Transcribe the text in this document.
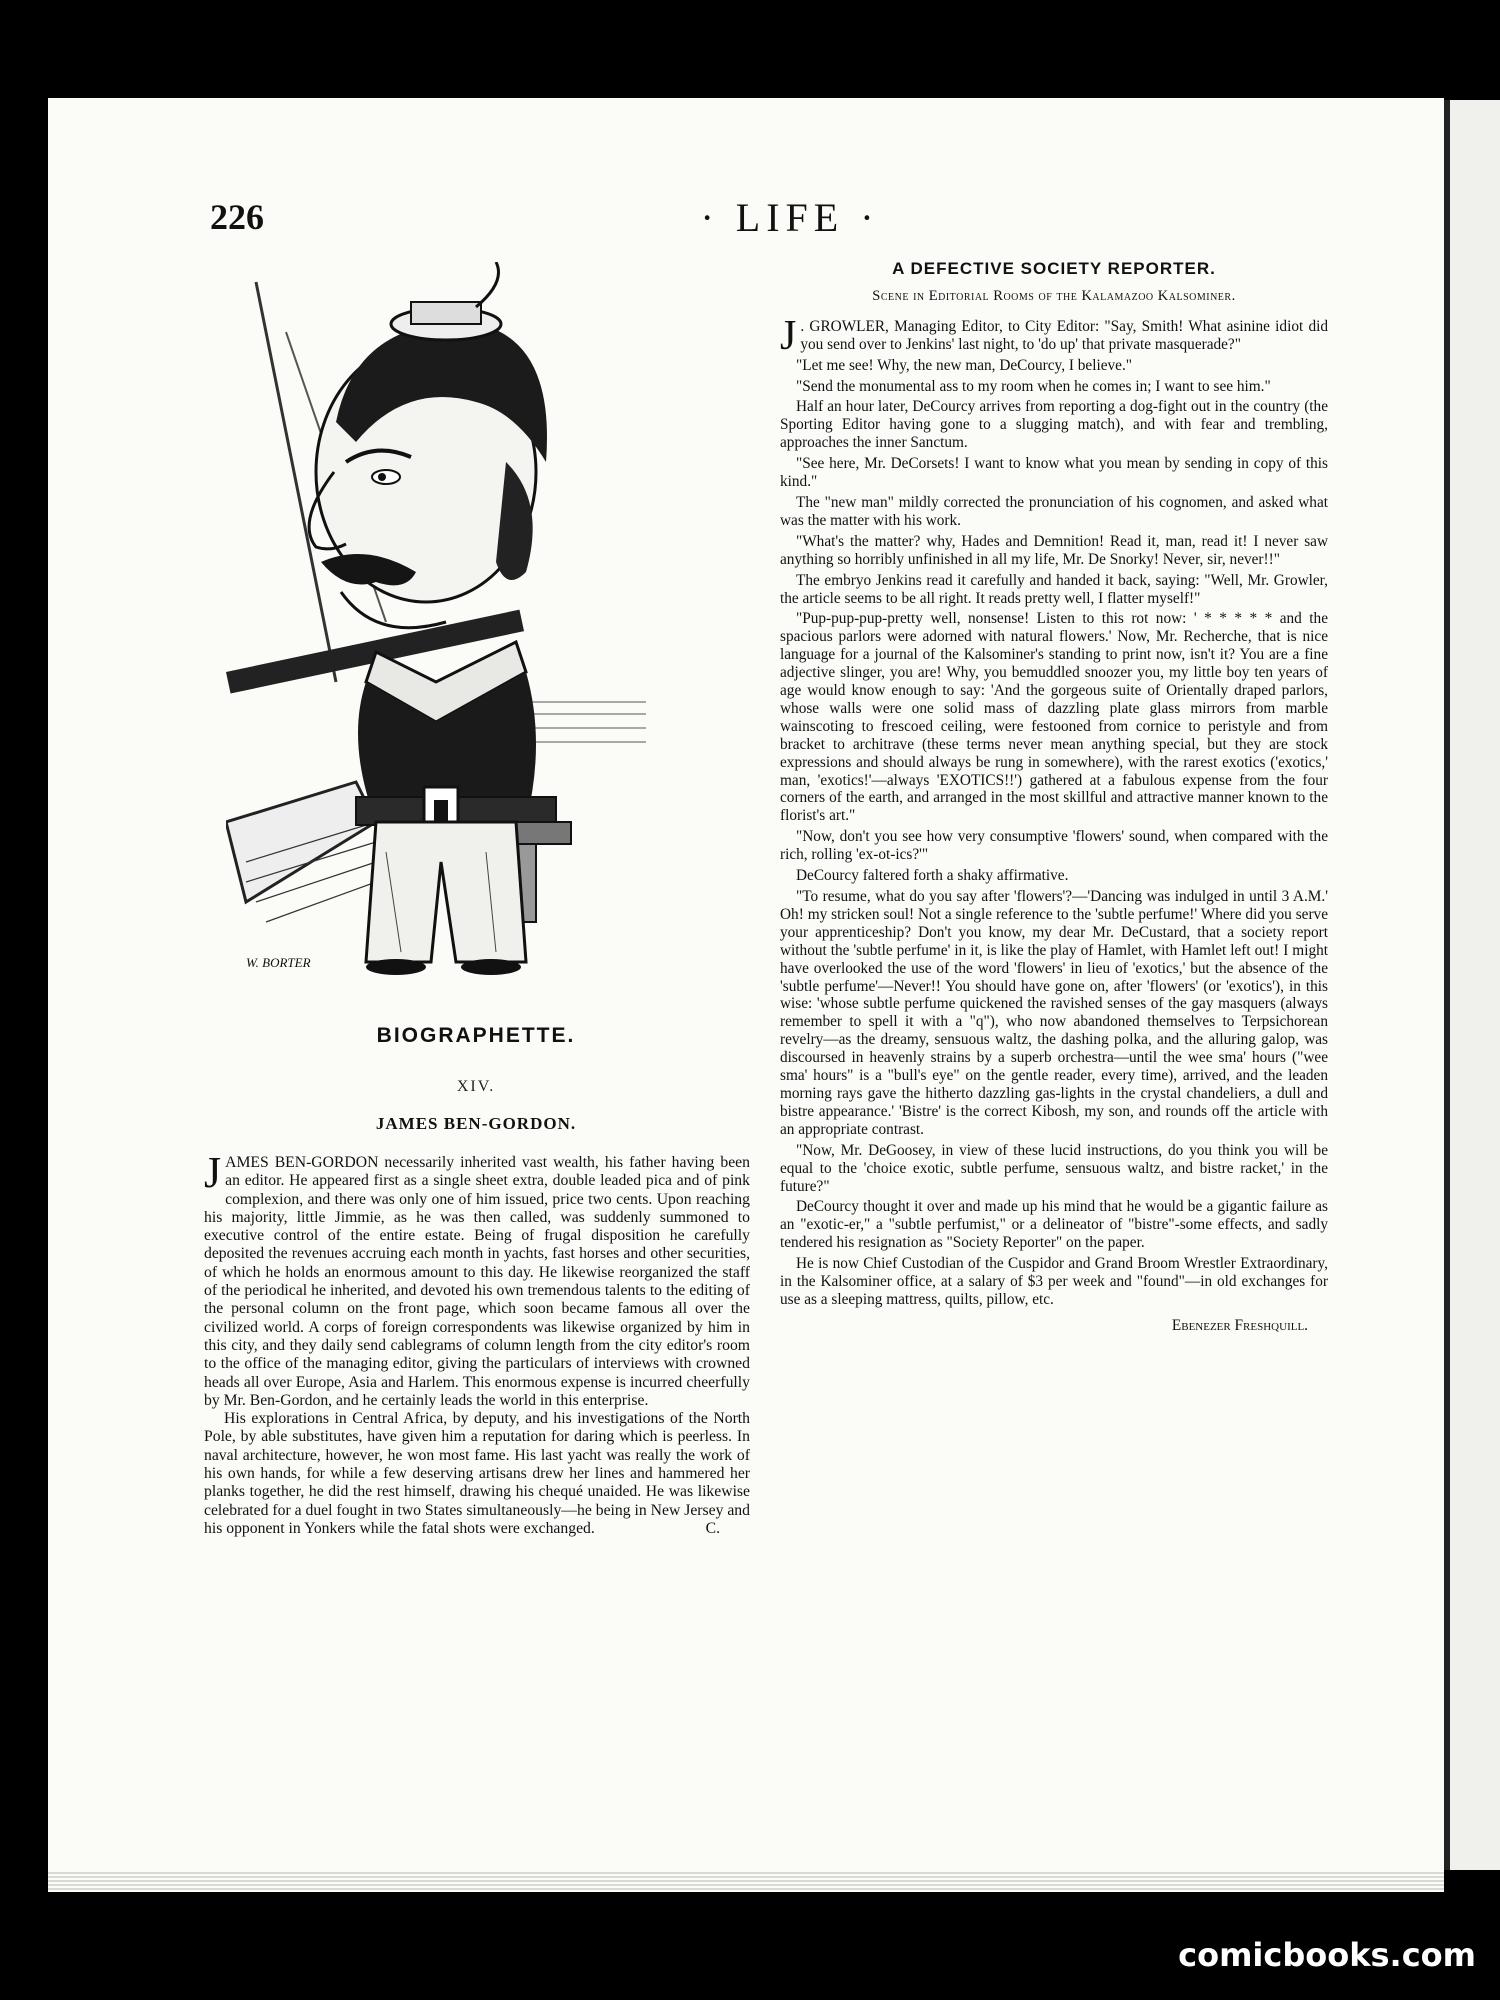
226	· LIFE ·
W. BORTER
BIOGRAPHETTE.
XIV.
JAMES BEN-GORDON.

JAMES BEN-GORDON necessarily inherited vast wealth, his father having been an editor. He appeared first as a single sheet extra, double leaded pica and of pink complexion, and there was only one of him issued, price two cents. Upon reaching his majority, little Jimmie, as he was then called, was suddenly summoned to executive control of the entire estate. Being of frugal disposition he carefully deposited the revenues accruing each month in yachts, fast horses and other securities, of which he holds an enormous amount to this day. He likewise reorganized the staff of the periodical he inherited, and devoted his own tremendous talents to the editing of the personal column on the front page, which soon became famous all over the civilized world. A corps of foreign correspondents was likewise organized by him in this city, and they daily send cablegrams of column length from the city editor's room to the office of the managing editor, giving the particulars of interviews with crowned heads all over Europe, Asia and Harlem. This enormous expense is incurred cheerfully by Mr. Ben-Gordon, and he certainly leads the world in this enterprise.

His explorations in Central Africa, by deputy, and his investigations of the North Pole, by able substitutes, have given him a reputation for daring which is peerless. In naval architecture, however, he won most fame. His last yacht was really the work of his own hands, for while a few deserving artisans drew her lines and hammered her planks together, he did the rest himself, drawing his chequé unaided. He was likewise celebrated for a duel fought in two States simultaneously—he being in New Jersey and his opponent in Yonkers while the fatal shots were exchanged.	C.
A DEFECTIVE SOCIETY REPORTER.
Scene in Editorial Rooms of the Kalamazoo Kalsominer.

J . GROWLER, Managing Editor, to City Editor: "Say, Smith! What asinine idiot did you send over to Jenkins' last night, to 'do up' that private masquerade?"

"Let me see! Why, the new man, DeCourcy, I believe."

"Send the monumental ass to my room when he comes in; I want to see him."

Half an hour later, DeCourcy arrives from reporting a dog-fight out in the country (the Sporting Editor having gone to a slugging match), and with fear and trembling, approaches the inner Sanctum.

"See here, Mr. DeCorsets! I want to know what you mean by sending in copy of this kind."

The "new man" mildly corrected the pronunciation of his cognomen, and asked what was the matter with his work.

"What's the matter? why, Hades and Demnition! Read it, man, read it! I never saw anything so horribly unfinished in all my life, Mr. De Snorky! Never, sir, never!!"

The embryo Jenkins read it carefully and handed it back, saying: "Well, Mr. Growler, the article seems to be all right. It reads pretty well, I flatter myself!"

"Pup-pup-pup-pretty well, nonsense! Listen to this rot now: ' * * * * * and the spacious parlors were adorned with natural flowers.' Now, Mr. Recherche, that is nice language for a journal of the Kalsominer's standing to print now, isn't it? You are a fine adjective slinger, you are! Why, you bemuddled snoozer you, my little boy ten years of age would know enough to say: 'And the gorgeous suite of Orientally draped parlors, whose walls were one solid mass of dazzling plate glass mirrors from marble wainscoting to frescoed ceiling, were festooned from cornice to peristyle and from bracket to architrave (these terms never mean anything special, but they are stock expressions and should always be rung in somewhere), with the rarest exotics ('exotics,' man, 'exotics!'—always 'EXOTICS!!') gathered at a fabulous expense from the four corners of the earth, and arranged in the most skillful and attractive manner known to the florist's art."

"Now, don't you see how very consumptive 'flowers' sound, when compared with the rich, rolling 'ex-ot-ics?'"

DeCourcy faltered forth a shaky affirmative.

"To resume, what do you say after 'flowers'?—'Dancing was indulged in until 3 A.M.' Oh! my stricken soul! Not a single reference to the 'subtle perfume!' Where did you serve your apprenticeship? Don't you know, my dear Mr. DeCustard, that a society report without the 'subtle perfume' in it, is like the play of Hamlet, with Hamlet left out! I might have overlooked the use of the word 'flowers' in lieu of 'exotics,' but the absence of the 'subtle perfume'—Never!! You should have gone on, after 'flowers' (or 'exotics'), in this wise: 'whose subtle perfume quickened the ravished senses of the gay masquers (always remember to spell it with a "q"), who now abandoned themselves to Terpsichorean revelry—as the dreamy, sensuous waltz, the dashing polka, and the alluring galop, was discoursed in heavenly strains by a superb orchestra—until the wee sma' hours ("wee sma' hours" is a "bull's eye" on the gentle reader, every time), arrived, and the leaden morning rays gave the hitherto dazzling gas-lights in the crystal chandeliers, a dull and bistre appearance.' 'Bistre' is the correct Kibosh, my son, and rounds off the article with an appropriate contrast.

"Now, Mr. DeGoosey, in view of these lucid instructions, do you think you will be equal to the 'choice exotic, subtle perfume, sensuous waltz, and bistre racket,' in the future?"

DeCourcy thought it over and made up his mind that he would be a gigantic failure as an "exotic-er," a "subtle perfumist," or a delineator of "bistre"-some effects, and sadly tendered his resignation as "Society Reporter" on the paper.

He is now Chief Custodian of the Cuspidor and Grand Broom Wrestler Extraordinary, in the Kalsominer office, at a salary of $3 per week and "found"—in old exchanges for use as a sleeping mattress, quilts, pillow, etc.

Ebenezer Freshquill.
comicbooks.com
